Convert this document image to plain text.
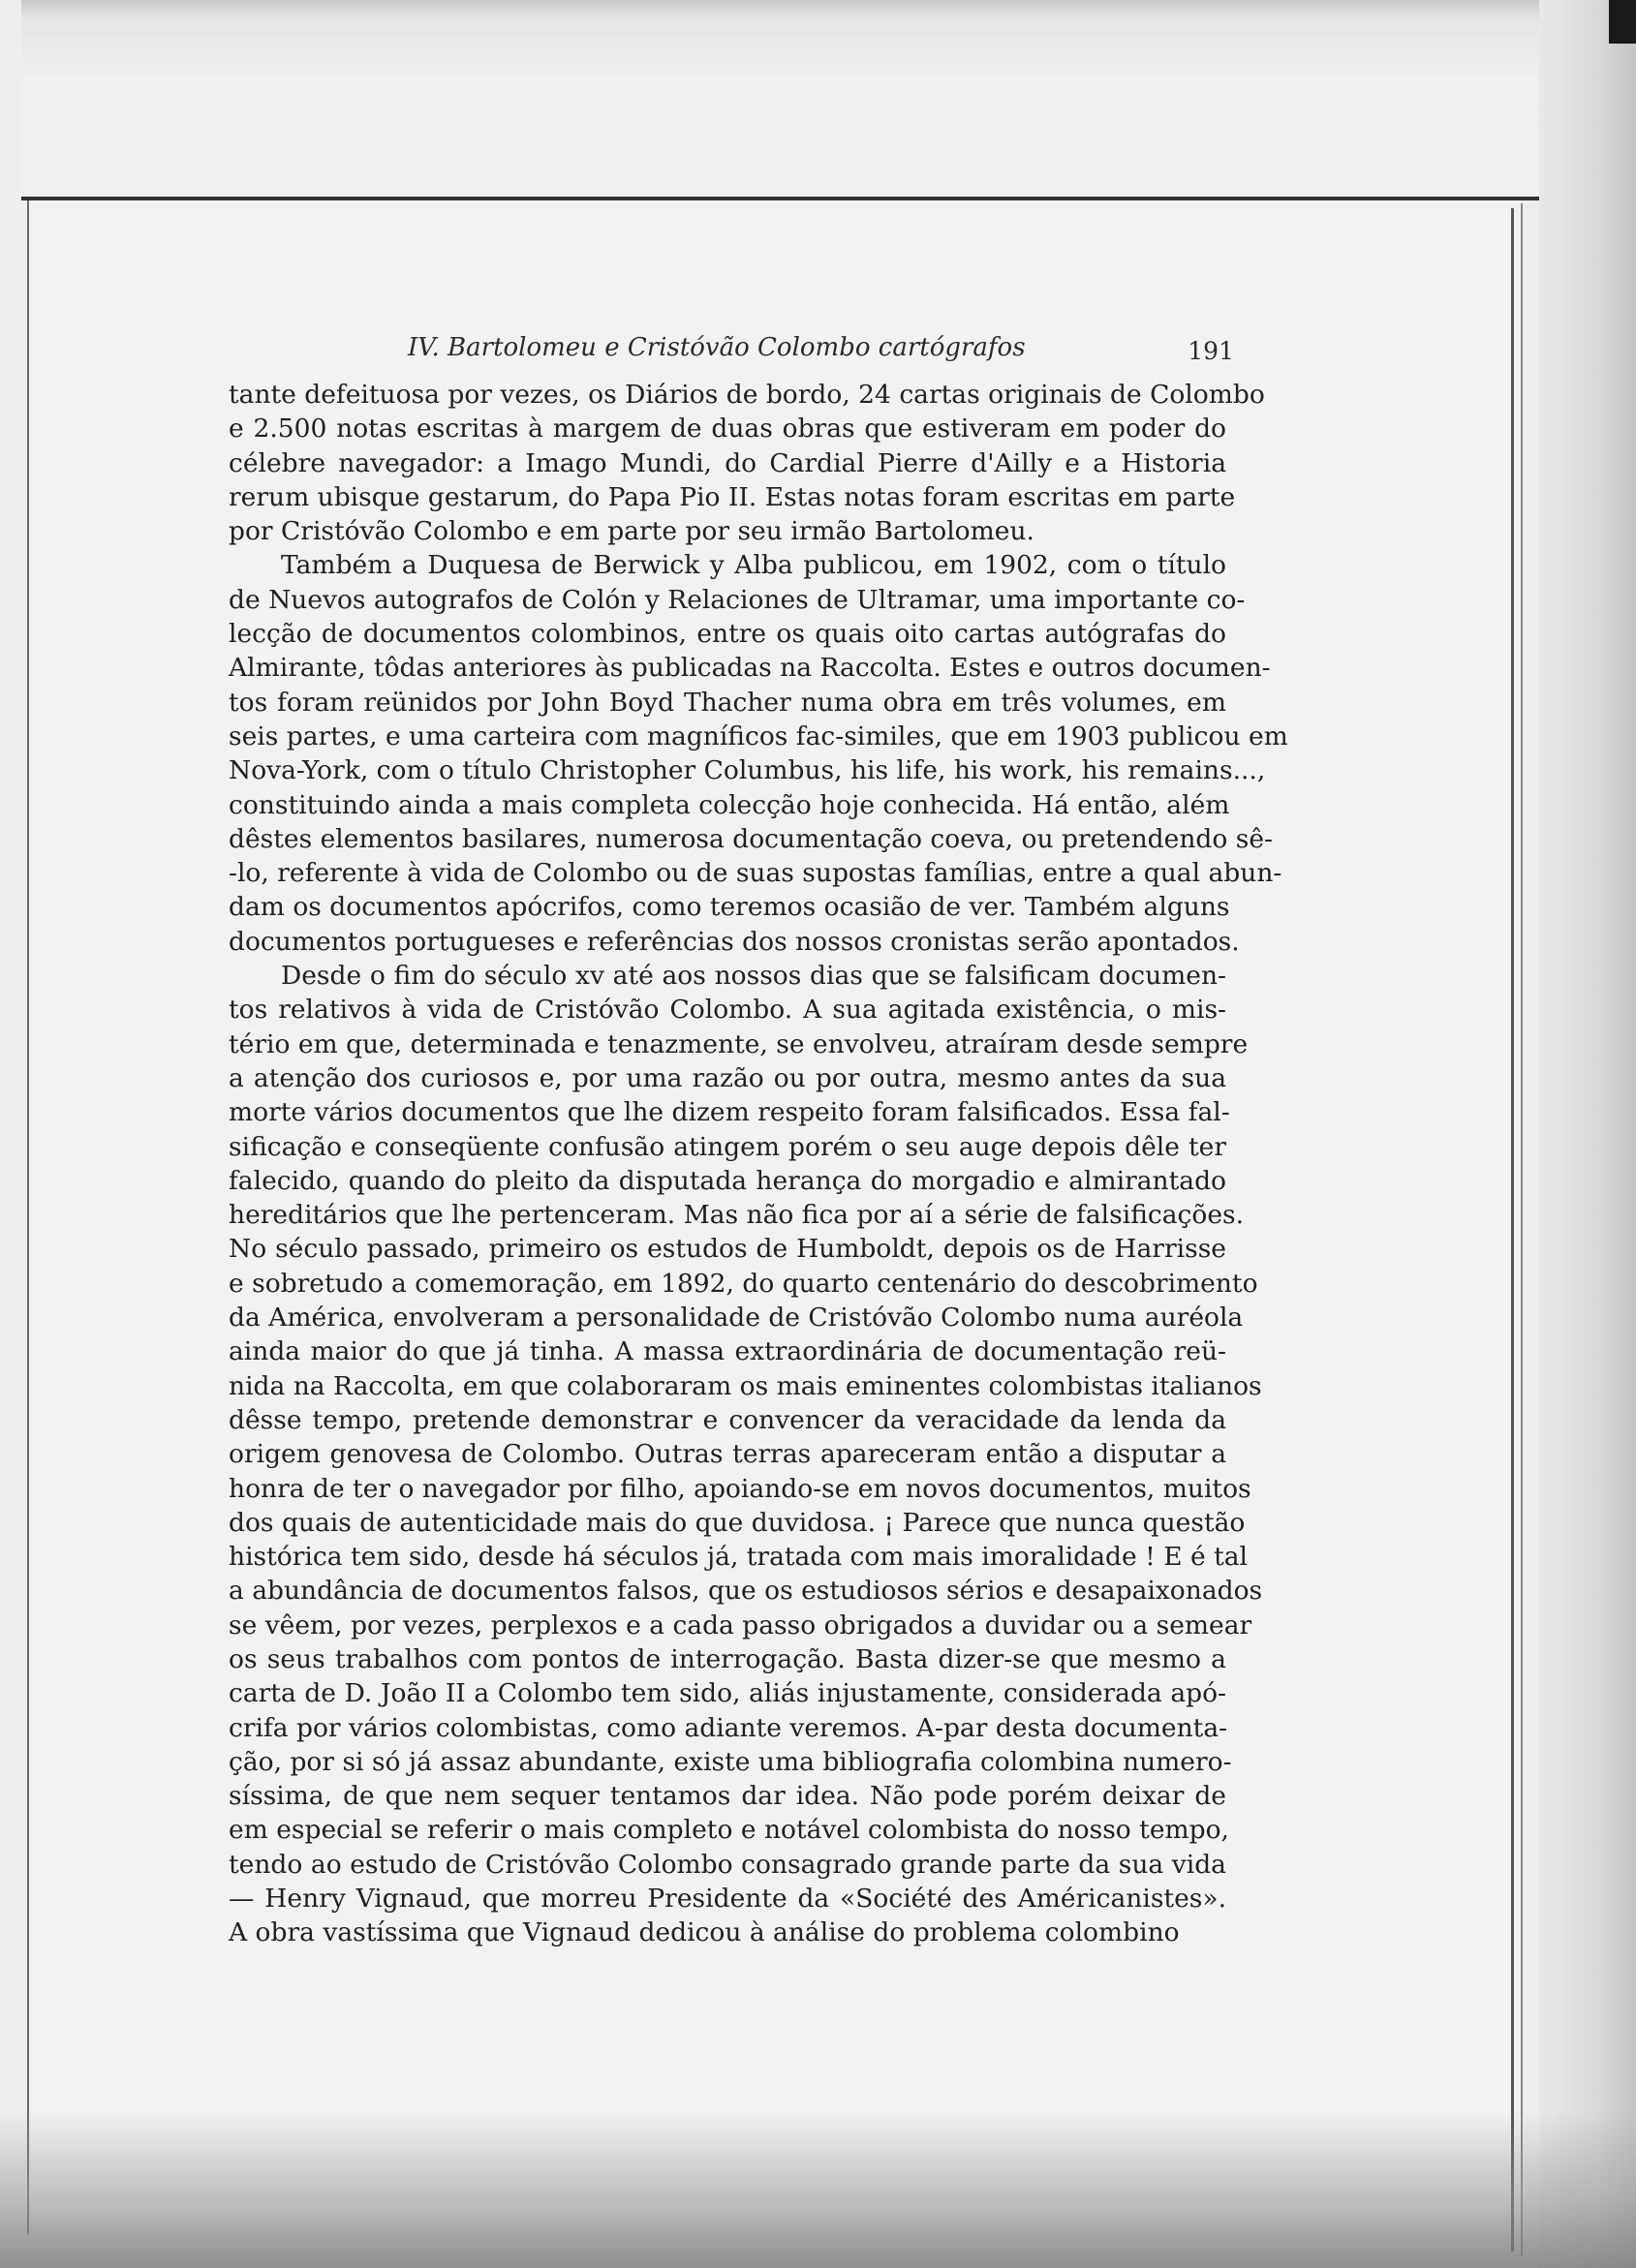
IV. Bartolomeu e Cristóvão Colombo cartógrafos	191
tante defeituosa por vezes, os Diários de bordo, 24 cartas originais de Colombo
e 2.500 notas escritas à margem de duas obras que estiveram em poder do
célebre navegador: a Imago Mundi, do Cardial Pierre d'Ailly e a Historia
rerum ubisque gestarum, do Papa Pio II. Estas notas foram escritas em parte
por Cristóvão Colombo e em parte por seu irmão Bartolomeu.
Também a Duquesa de Berwick y Alba publicou, em 1902, com o título
de Nuevos autografos de Colón y Relaciones de Ultramar, uma importante co-
lecção de documentos colombinos, entre os quais oito cartas autógrafas do
Almirante, tôdas anteriores às publicadas na Raccolta. Estes e outros documen-
tos foram reünidos por John Boyd Thacher numa obra em três volumes, em
seis partes, e uma carteira com magníficos fac-similes, que em 1903 publicou em
Nova-York, com o título Christopher Columbus, his life, his work, his remains...,
constituindo ainda a mais completa colecção hoje conhecida. Há então, além
dêstes elementos basilares, numerosa documentação coeva, ou pretendendo sê-
-lo, referente à vida de Colombo ou de suas supostas famílias, entre a qual abun-
dam os documentos apócrifos, como teremos ocasião de ver. Também alguns
documentos portugueses e referências dos nossos cronistas serão apontados.
Desde o fim do século xv até aos nossos dias que se falsificam documen-
tos relativos à vida de Cristóvão Colombo. A sua agitada existência, o mis-
tério em que, determinada e tenazmente, se envolveu, atraíram desde sempre
a atenção dos curiosos e, por uma razão ou por outra, mesmo antes da sua
morte vários documentos que lhe dizem respeito foram falsificados. Essa fal-
sificação e conseqüente confusão atingem porém o seu auge depois dêle ter
falecido, quando do pleito da disputada herança do morgadio e almirantado
hereditários que lhe pertenceram. Mas não fica por aí a série de falsificações.
No século passado, primeiro os estudos de Humboldt, depois os de Harrisse
e sobretudo a comemoração, em 1892, do quarto centenário do descobrimento
da América, envolveram a personalidade de Cristóvão Colombo numa auréola
ainda maior do que já tinha. A massa extraordinária de documentação reü-
nida na Raccolta, em que colaboraram os mais eminentes colombistas italianos
dêsse tempo, pretende demonstrar e convencer da veracidade da lenda da
origem genovesa de Colombo. Outras terras apareceram então a disputar a
honra de ter o navegador por filho, apoiando-se em novos documentos, muitos
dos quais de autenticidade mais do que duvidosa. ¡ Parece que nunca questão
histórica tem sido, desde há séculos já, tratada com mais imoralidade ! E é tal
a abundância de documentos falsos, que os estudiosos sérios e desapaixonados
se vêem, por vezes, perplexos e a cada passo obrigados a duvidar ou a semear
os seus trabalhos com pontos de interrogação. Basta dizer-se que mesmo a
carta de D. João II a Colombo tem sido, aliás injustamente, considerada apó-
crifa por vários colombistas, como adiante veremos. A-par desta documenta-
ção, por si só já assaz abundante, existe uma bibliografia colombina numero-
síssima, de que nem sequer tentamos dar idea. Não pode porém deixar de
em especial se referir o mais completo e notável colombista do nosso tempo,
tendo ao estudo de Cristóvão Colombo consagrado grande parte da sua vida
— Henry Vignaud, que morreu Presidente da «Société des Américanistes».
A obra vastíssima que Vignaud dedicou à análise do problema colombino
